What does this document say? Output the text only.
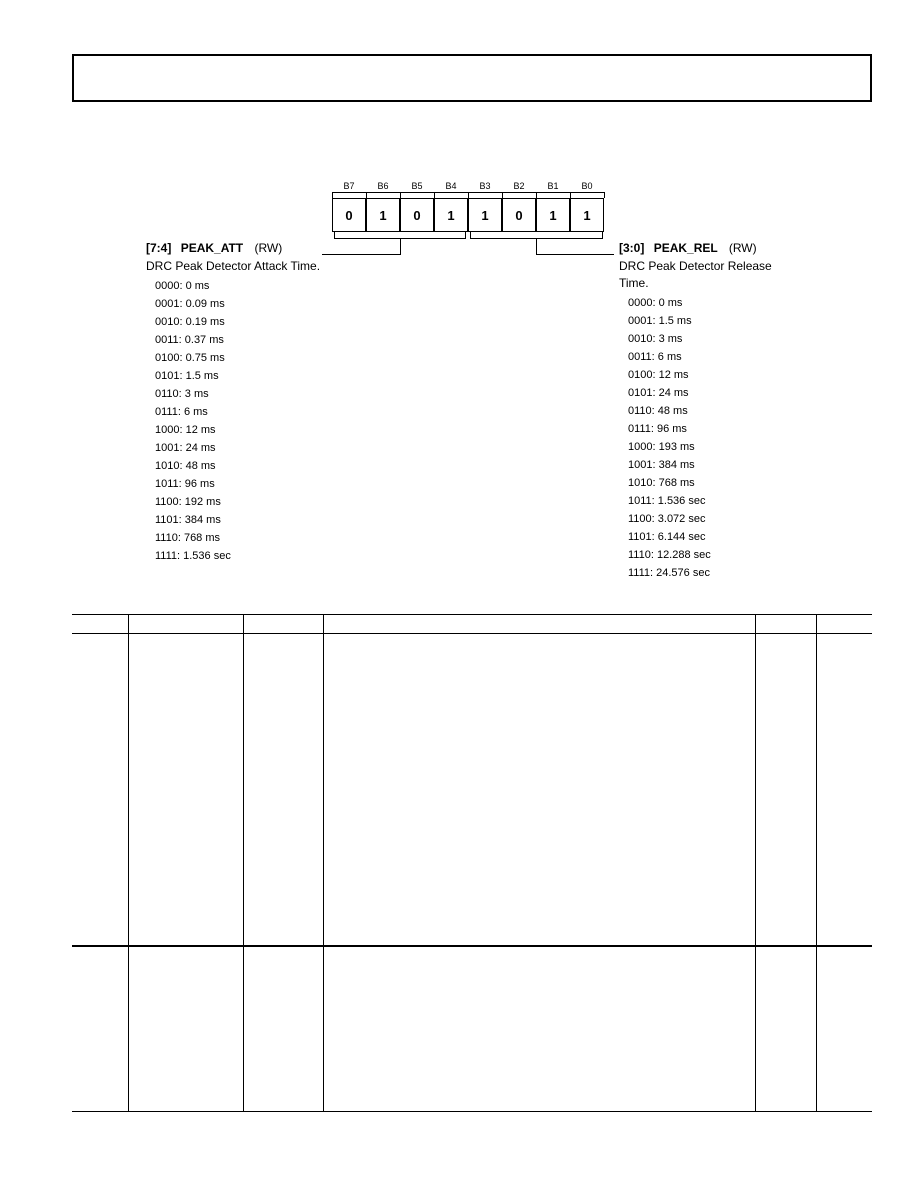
B7
0
B6
1
B5
0
B4
1
B3
1
B2
0
B1
1
B0
1
[7:4] PEAK_ATT (RW)
DRC Peak Detector Attack Time.
0000: 0 ms
0001: 0.09 ms
0010: 0.19 ms
0011: 0.37 ms
0100: 0.75 ms
0101: 1.5 ms
0110: 3 ms
0111: 6 ms
1000: 12 ms
1001: 24 ms
1010: 48 ms
1011: 96 ms
1100: 192 ms
1101: 384 ms
1110: 768 ms
1111: 1.536 sec
[3:0] PEAK_REL (RW)
DRC Peak Detector Release
Time.
0000: 0 ms
0001: 1.5 ms
0010: 3 ms
0011: 6 ms
0100: 12 ms
0101: 24 ms
0110: 48 ms
0111: 96 ms
1000: 193 ms
1001: 384 ms
1010: 768 ms
1011: 1.536 sec
1100: 3.072 sec
1101: 6.144 sec
1110: 12.288 sec
1111: 24.576 sec
